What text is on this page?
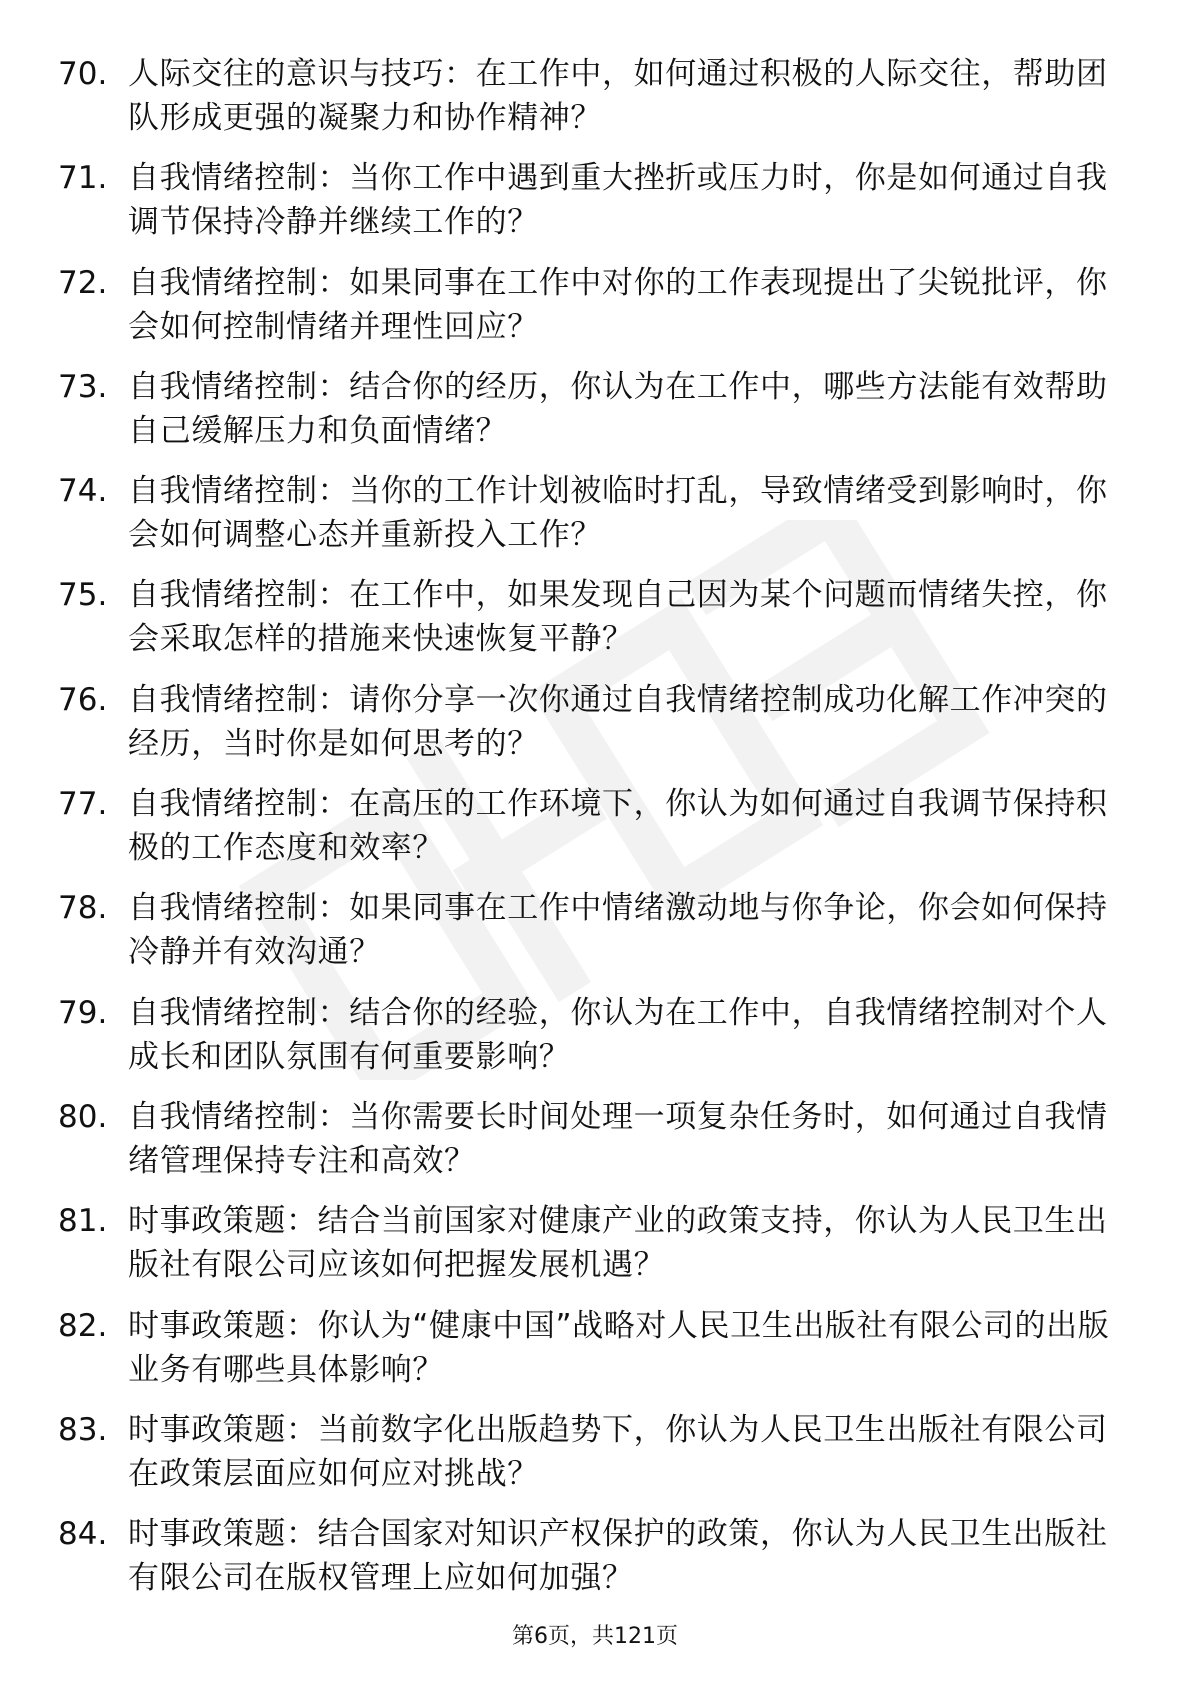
70. 人际交往的意识与技巧：在工作中，如何通过积极的人际交往，帮助团队形成更强的凝聚力和协作精神？
71. 自我情绪控制：当你工作中遇到重大挫折或压力时，你是如何通过自我调节保持冷静并继续工作的？
72. 自我情绪控制：如果同事在工作中对你的工作表现提出了尖锐批评，你会如何控制情绪并理性回应？
73. 自我情绪控制：结合你的经历，你认为在工作中，哪些方法能有效帮助自己缓解压力和负面情绪？
74. 自我情绪控制：当你的工作计划被临时打乱，导致情绪受到影响时，你会如何调整心态并重新投入工作？
75. 自我情绪控制：在工作中，如果发现自己因为某个问题而情绪失控，你会采取怎样的措施来快速恢复平静？
76. 自我情绪控制：请你分享一次你通过自我情绪控制成功化解工作冲突的经历，当时你是如何思考的？
77. 自我情绪控制：在高压的工作环境下，你认为如何通过自我调节保持积极的工作态度和效率？
78. 自我情绪控制：如果同事在工作中情绪激动地与你争论，你会如何保持冷静并有效沟通？
79. 自我情绪控制：结合你的经验，你认为在工作中，自我情绪控制对个人成长和团队氛围有何重要影响？
80. 自我情绪控制：当你需要长时间处理一项复杂任务时，如何通过自我情绪管理保持专注和高效？
81. 时事政策题：结合当前国家对健康产业的政策支持，你认为人民卫生出版社有限公司应该如何把握发展机遇？
82. 时事政策题：你认为“健康中国”战略对人民卫生出版社有限公司的出版业务有哪些具体影响？
83. 时事政策题：当前数字化出版趋势下，你认为人民卫生出版社有限公司在政策层面应如何应对挑战？
84. 时事政策题：结合国家对知识产权保护的政策，你认为人民卫生出版社有限公司在版权管理上应如何加强？
第6页，共121页
